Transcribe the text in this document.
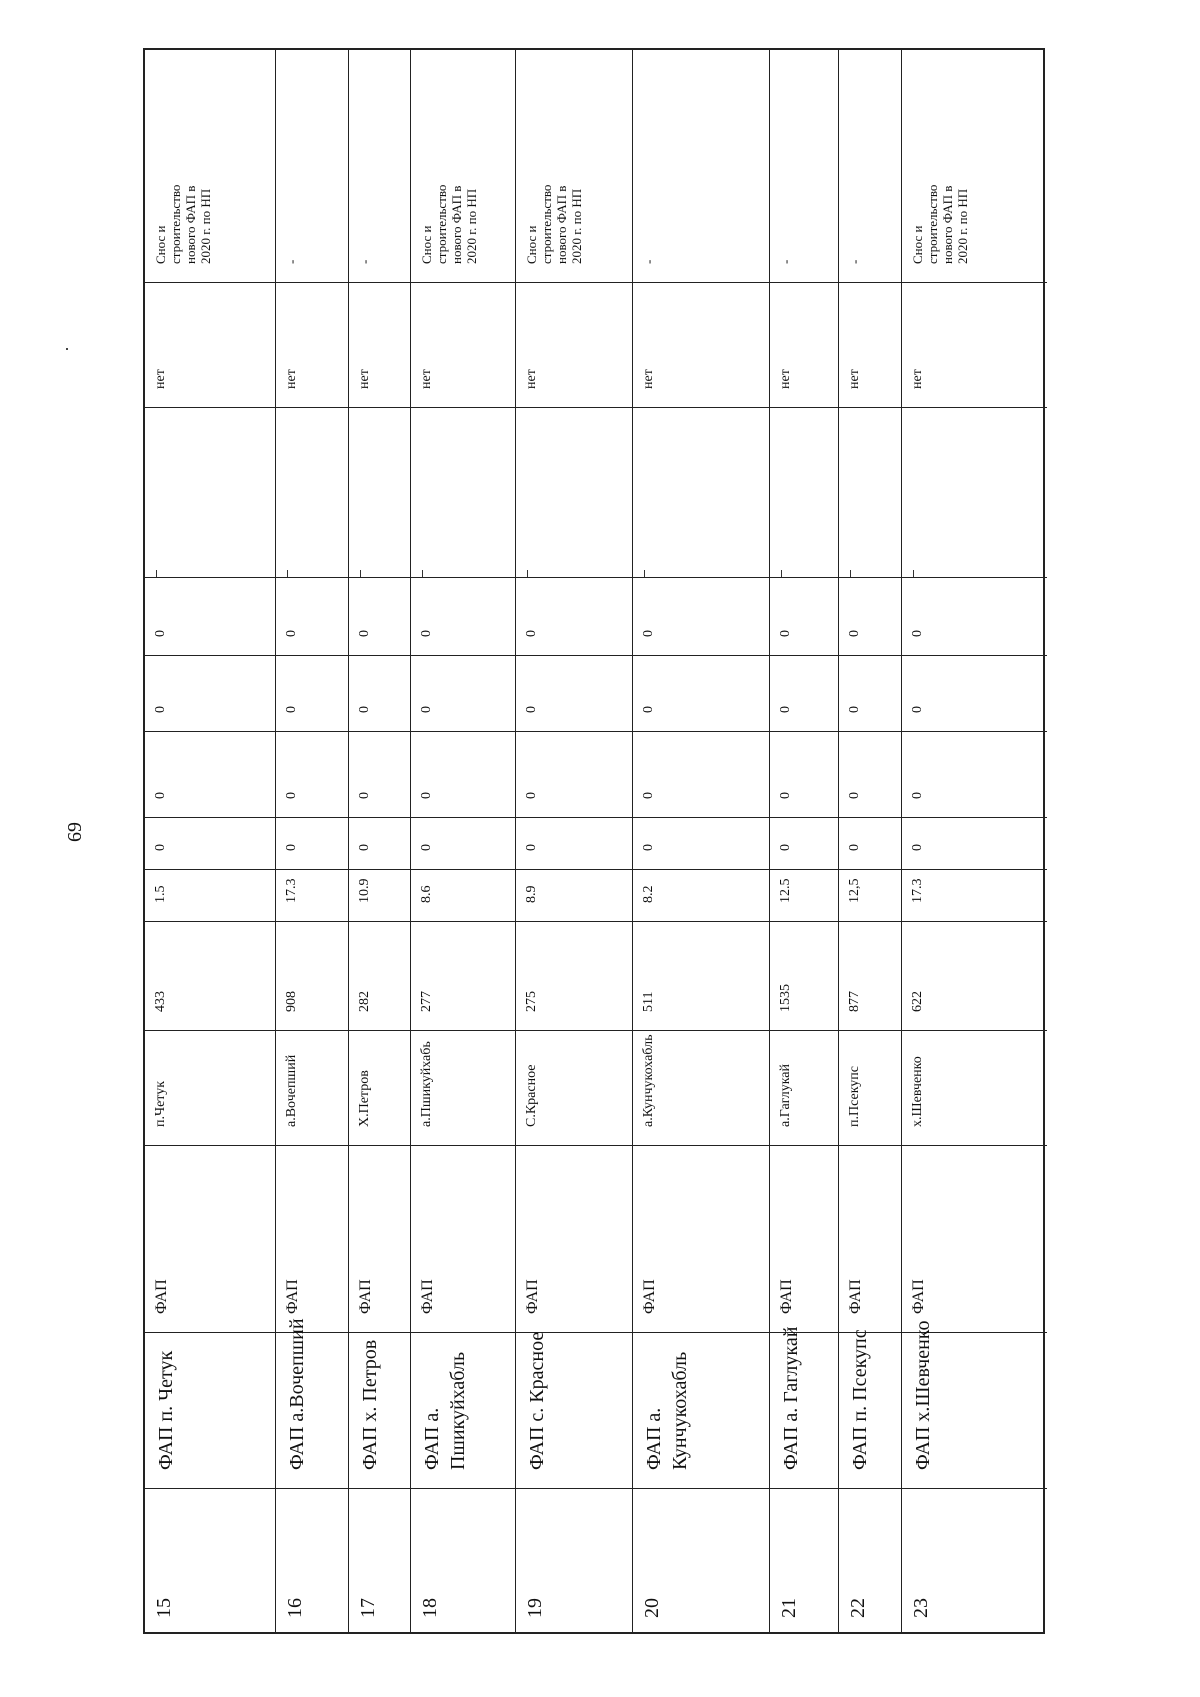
69
15
ФАП п. Четук
ФАП
п.Четук
433
1.5
0
0
0
0
нет
Снос и строительство нового ФАП в 2020 г. по НП
16
ФАП а.Вочепший
ФАП
а.Вочепший
908
17.3
0
0
0
0
нет
-
17
ФАП х. Петров
ФАП
Х.Петров
282
10.9
0
0
0
0
нет
-
18
ФАП а. Пшикуйхабль
ФАП
а.Пшикуйхабь
277
8.6
0
0
0
0
нет
Снос и строительство нового ФАП в 2020 г. по НП
19
ФАП с. Красное
ФАП
С.Красное
275
8.9
0
0
0
0
нет
Снос и строительство нового ФАП в 2020 г. по НП
20
ФАП а. Кунчукохабль
ФАП
а.Кунчукохабль
511
8.2
0
0
0
0
нет
-
21
ФАП а. Гаглукай
ФАП
а.Гаглукай
1535
12.5
0
0
0
0
нет
-
22
ФАП п. Псекупс
ФАП
п.Псекупс
877
12,5
0
0
0
0
нет
-
23
ФАП х.Шевченко
ФАП
х.Шевченко
622
17.3
0
0
0
0
нет
Снос и строительство нового ФАП в 2020 г. по НП
